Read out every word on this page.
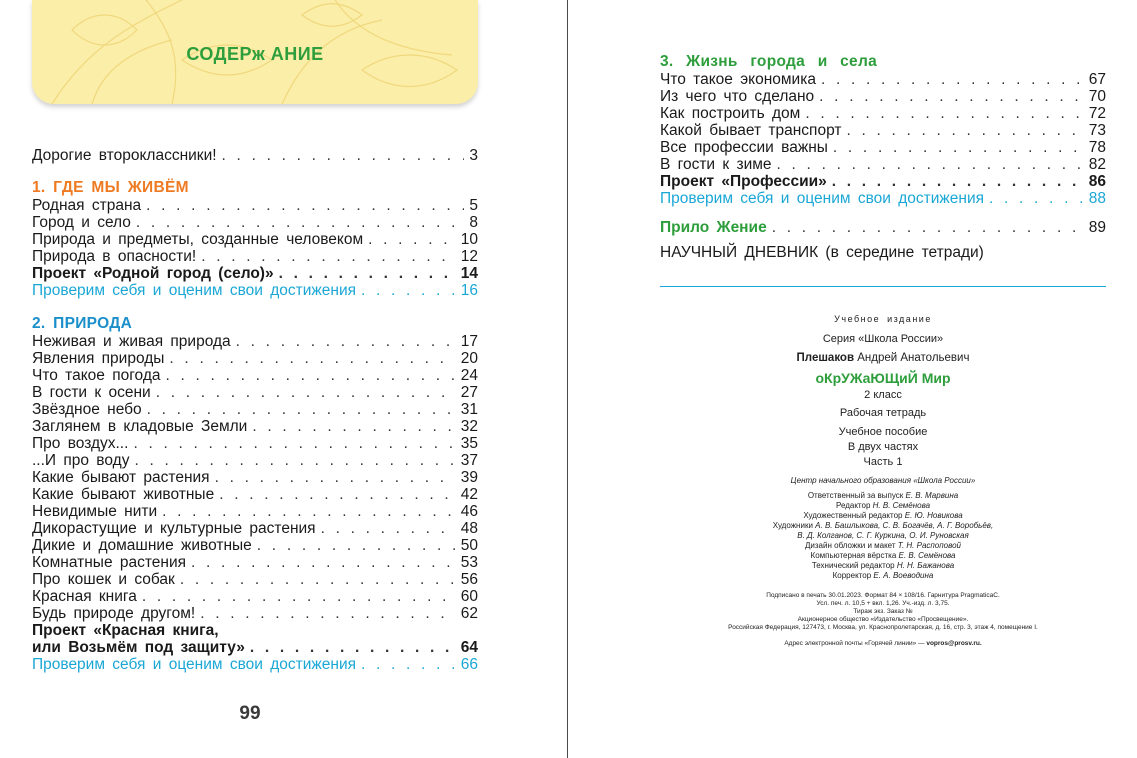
СОДЕРж АНИЕ
Дорогие второклассники! . . .	3
1. ГДЕ МЫ ЖИВЁМ
Родная страна . . .	5
Город и село . . .	8
Природа и предметы, созданные человеком . . .	10
Природа в опасности! . . .	12
Проект «Родной город (село)» . . .	14
Проверим себя и оценим свои достижения . . .	16
2. ПРИРОДА
Неживая и живая природа . . .	17
Явления природы . . .	20
Что такое погода . . .	24
В гости к осени . . .	27
Звёздное небо . . .	31
Заглянем в кладовые Земли . . .	32
Про воздух... . . .	35
...И про воду . . .	37
Какие бывают растения . . .	39
Какие бывают животные . . .	42
Невидимые нити . . .	46
Дикорастущие и культурные растения . . .	48
Дикие и домашние животные . . .	50
Комнатные растения . . .	53
Про кошек и собак . . .	56
Красная книга . . .	60
Будь природе другом! . . .	62
Проект «Красная книга,
или Возьмём под защиту» . . .	64
Проверим себя и оценим свои достижения . . .	66
99
3. Жизнь города и села
Что такое экономика . . .	67
Из чего что сделано . . .	70
Как построить дом . . .	72
Какой бывает транспорт . . .	73
Все профессии важны . . .	78
В гости к зиме . . .	82
Проект «Профессии» . . .	86
Проверим себя и оценим свои достижения . . .	88
Прило Жение . . .	89
НАУЧНЫЙ ДНЕВНИК (в середине тетради)
Учебное издание
Серия «Школа России»
Плешаков Андрей Анатольевич
оКрУЖаЮЩиЙ Мир
2 класс
Рабочая тетрадь
Учебное пособие
В двух частях
Часть 1
Центр начального образования «Школа России»
Ответственный за выпуск Е. В. Марвина
Редактор Н. В. Семёнова
Художественный редактор Е. Ю. Новикова
Художники А. В. Башлыкова, С. В. Богачёв, А. Г. Воробьёв,
В. Д. Колганов, С. Г. Куркина, О. И. Руновская
Дизайн обложки и макет Т. Н. Распоповой
Компьютерная вёрстка Е. В. Семёнова
Технический редактор Н. Н. Бажанова
Корректор Е. А. Воеводина
Подписано в печать 30.01.2023. Формат 84 × 108/16. Гарнитура PragmaticaC.
Усл. печ. л. 10,5 + вкл. 1,26. Уч.-изд. л. 3,75.
Тираж экз. Заказ №
Акционерное общество «Издательство «Просвещение».
Российская Федерация, 127473, г. Москва, ул. Краснопролетарская, д. 16, стр. 3, этаж 4, помещение I.
Адрес электронной почты «Горячей линии» — vopros@prosv.ru.
